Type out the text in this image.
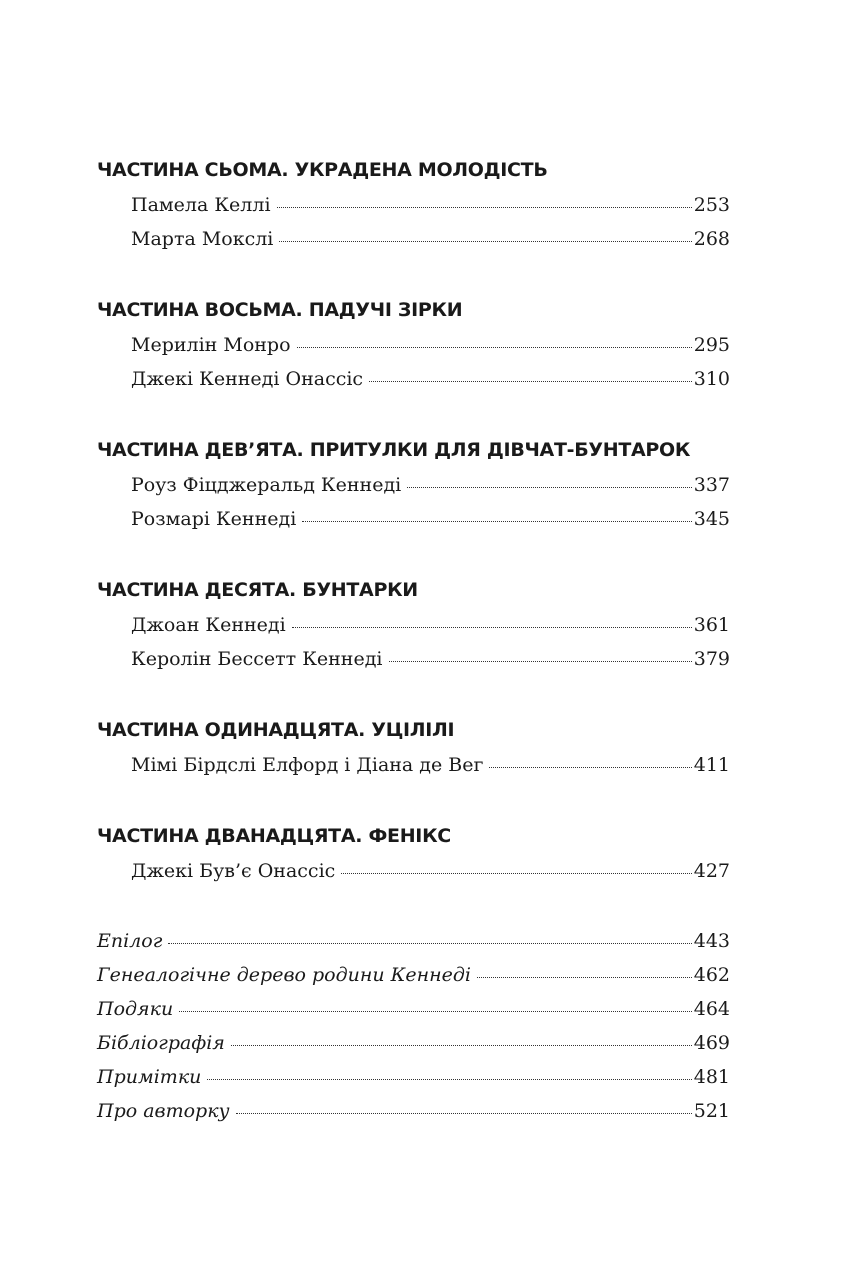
ЧАСТИНА СЬОМА. УКРАДЕНА МОЛОДІСТЬ
Памела Келлі	253
Марта Мокслі	268
ЧАСТИНА ВОСЬМА. ПАДУЧІ ЗІРКИ
Мерилін Монро	295
Джекі Кеннеді Онассіс	310
ЧАСТИНА ДЕВ’ЯТА. ПРИТУЛКИ ДЛЯ ДІВЧАТ-БУНТАРОК
Роуз Фіцджеральд Кеннеді	337
Розмарі Кеннеді	345
ЧАСТИНА ДЕСЯТА. БУНТАРКИ
Джоан Кеннеді	361
Керолін Бессетт Кеннеді	379
ЧАСТИНА ОДИНАДЦЯТА. УЦІЛІЛІ
Мімі Бірдслі Елфорд і Діана де Вег	411
ЧАСТИНА ДВАНАДЦЯТА. ФЕНІКС
Джекі Був’є Онассіс	427
Епілог	443
Генеалогічне дерево родини Кеннеді	462
Подяки	464
Бібліографія	469
Примітки	481
Про авторку	521
